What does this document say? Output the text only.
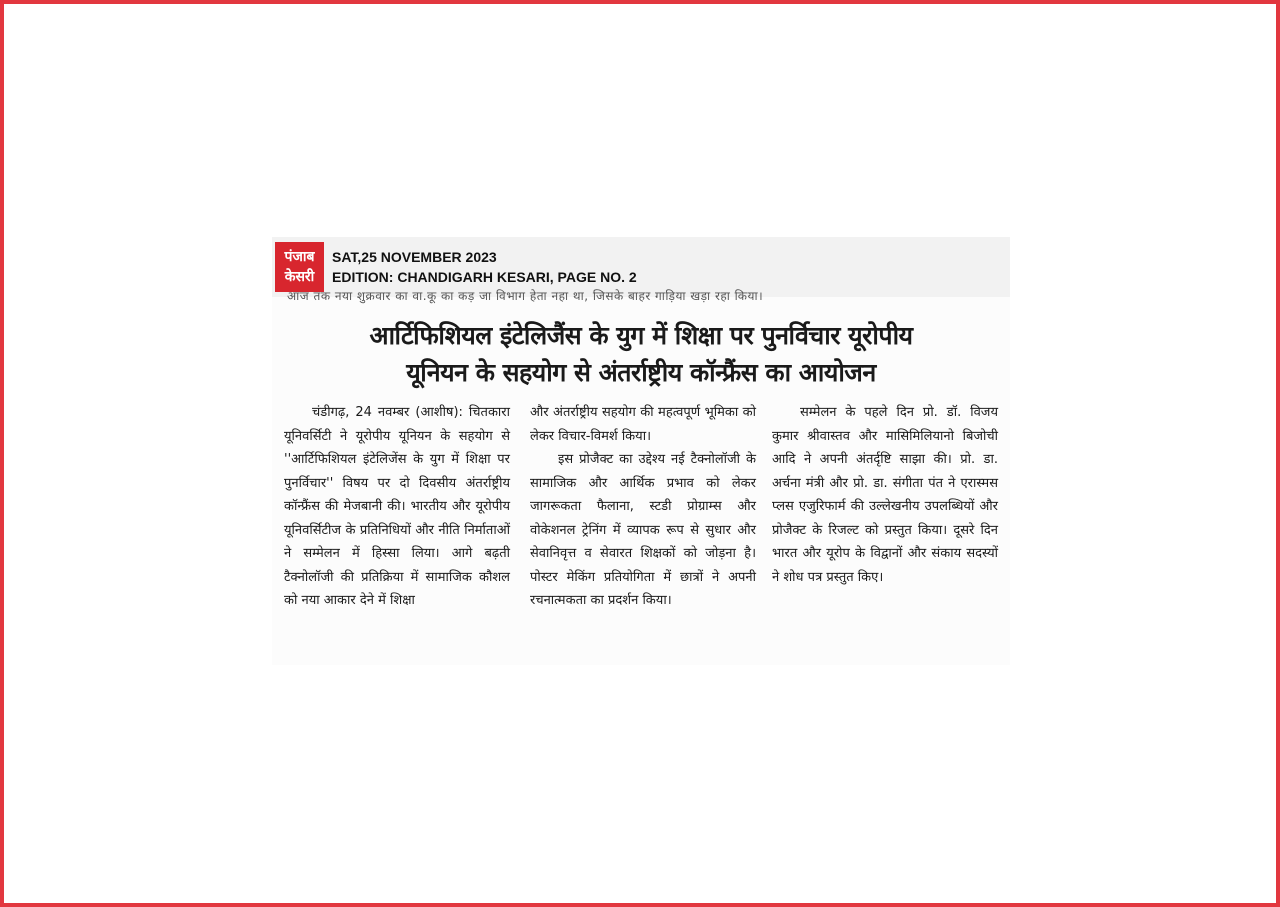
पंजाब
केसरी
SAT,25 NOVEMBER 2023
EDITION: CHANDIGARH KESARI, PAGE NO. 2
आज तक नया शुक्रवार का वा.कू का कड़ जा विभाग हेता नहा था, जिसके बाहर गाड़िया खड़ा रहा किया।
आर्टिफिशियल इंटेलिजैंस के युग में शिक्षा पर पुनर्विचार यूरोपीय
यूनियन के सहयोग से अंतर्राष्ट्रीय कॉन्फ्रैंस का आयोजन

चंडीगढ़, 24 नवम्बर (आशीष): चितकारा यूनिवर्सिटी ने यूरोपीय यूनियन के सहयोग से ''आर्टिफिशियल इंटेलिजेंस के युग में शिक्षा पर पुनर्विचार'' विषय पर दो दिवसीय अंतर्राष्ट्रीय कॉन्फ्रैंस की मेजबानी की। भारतीय और यूरोपीय यूनिवर्सिटीज के प्रतिनिधियों और नीति निर्माताओं ने सम्मेलन में हिस्सा लिया। आगे बढ़ती टैक्नोलॉजी की प्रतिक्रिया में सामाजिक कौशल को नया आकार देने में शिक्षा

और अंतर्राष्ट्रीय सहयोग की महत्वपूर्ण भूमिका को लेकर विचार-विमर्श किया।

इस प्रोजैक्ट का उद्देश्य नई टैक्नोलॉजी के सामाजिक और आर्थिक प्रभाव को लेकर जागरूकता फैलाना, स्टडी प्रोग्राम्स और वोकेशनल ट्रेनिंग में व्यापक रूप से सुधार और सेवानिवृत्त व सेवारत शिक्षकों को जोड़ना है। पोस्टर मेकिंग प्रतियोगिता में छात्रों ने अपनी रचनात्मकता का प्रदर्शन किया।

सम्मेलन के पहले दिन प्रो. डॉ. विजय कुमार श्रीवास्तव और मासिमिलियानो बिजोची आदि ने अपनी अंतर्दृष्टि साझा की। प्रो. डा. अर्चना मंत्री और प्रो. डा. संगीता पंत ने एरास्मस प्लस एजुरिफार्म की उल्लेखनीय उपलब्धियों और प्रोजैक्ट के रिजल्ट को प्रस्तुत किया। दूसरे दिन भारत और यूरोप के विद्वानों और संकाय सदस्यों ने शोध पत्र प्रस्तुत किए।
